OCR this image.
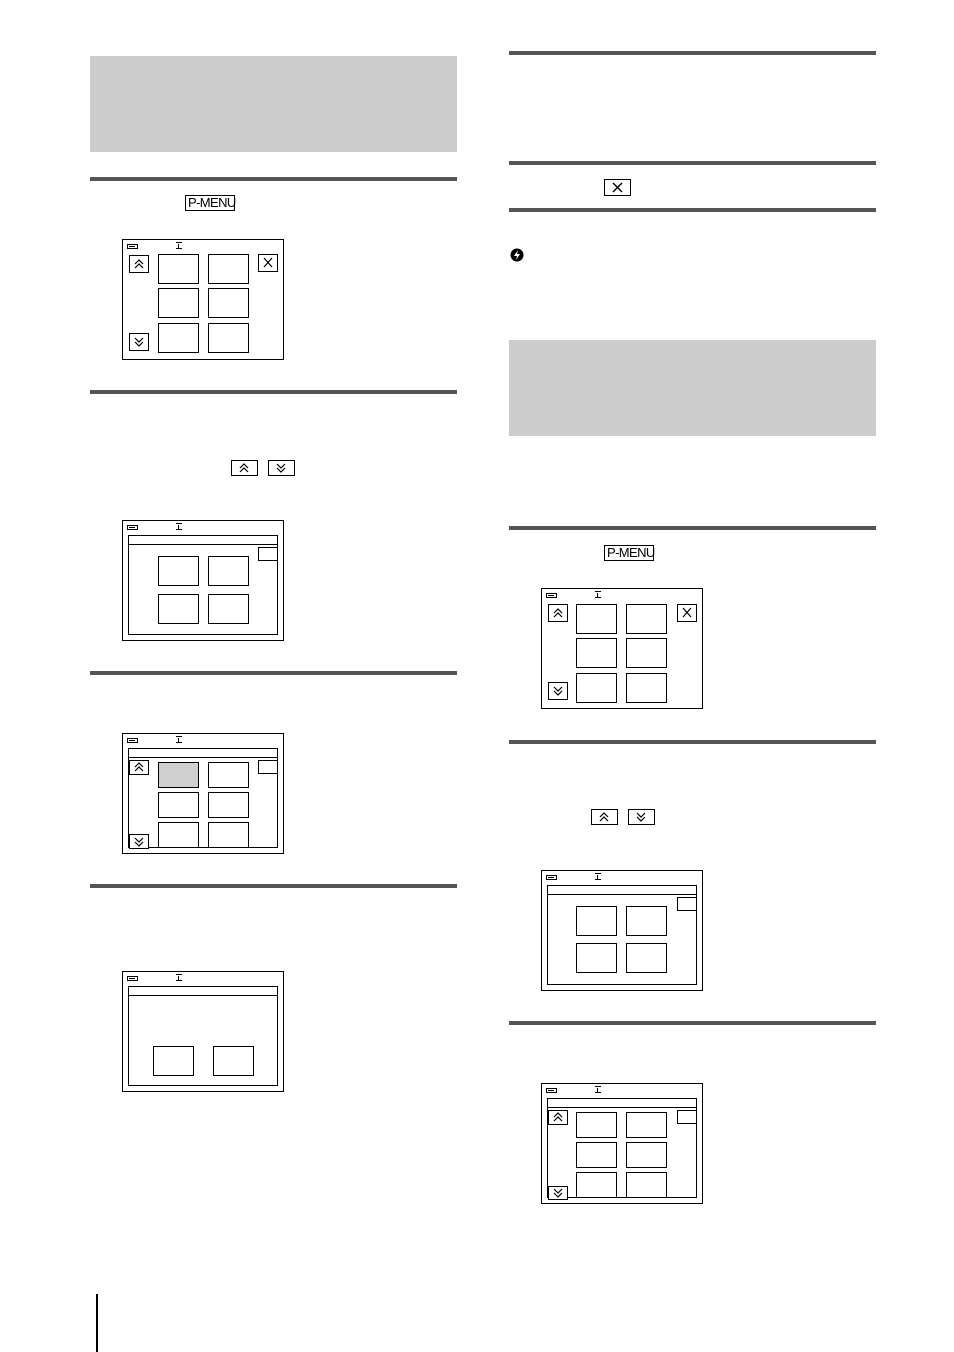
P-MENU
P-MENU
